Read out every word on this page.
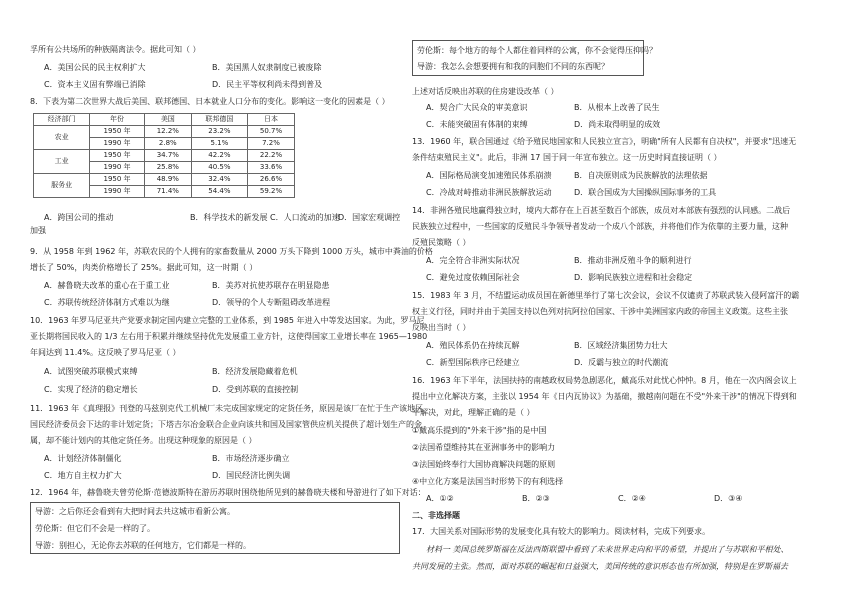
孚所有公共场所的种族隔离法令。据此可知（ ）
A．美国公民的民主权利扩大	B．美国黑人奴隶制度已被废除
C．资本主义固有弊端已消除	D．民主平等权利尚未得到普及
8．下表为第二次世界大战后美国、联邦德国、日本就业人口分布的变化。影响这一变化的因素是（ ）
经济部门	年份	美国	联邦德国	日本
农业	1950 年	12.2%	23.2%	50.7%
	1990 年	2.8%	5.1%	7.2%
工业	1950 年	34.7%	42.2%	22.2%
	1990 年	25.8%	40.5%	33.6%
服务业	1950 年	48.9%	32.4%	26.6%
	1990 年	71.4%	54.4%	59.2%
A．跨国公司的推动	B．科学技术的新发展 C．人口流动的加速
D．国家宏观调控
加强
9．从 1958 年到 1962 年，苏联农民的个人拥有的家畜数量从 2000 万头下降到 1000 万头，城市中粪油的价格
增长了 50%，肉类价格增长了 25%。据此可知，这一时期（ ）
A．赫鲁晓夫改革的重心在于重工业	B．美苏对抗使苏联存在明显隐患
C．苏联传统经济体制方式难以为继	D．领导的个人专断阻碍改革进程
10．1963 年罗马尼亚共产党要求制定国内建立完整的工业体系，到 1985 年进入中等发达国家。为此，罗马尼
亚长期将国民收入的 1/3 左右用于积累并继续坚持优先发展重工业方针，这使得国家工业增长率在 1965—1980
年间达到 11.4%。这反映了罗马尼亚（ ）
A．试图突破苏联模式束缚	B．经济发展隐藏着危机
C．实现了经济的稳定增长	D．受到苏联的直接控制
11．1963 年《真理报》刊登的马兹别克代工机械厂未完成国家规定的定货任务，原因是该厂在忙于生产该地区
国民经济委员会下达的非计划定货；下塔吉尔冶金联合企业向该共和国及国家管供应机关提供了超计划生产的金
属，却不能计划内的其他定货任务。出现这种现象的原因是（ ）
A．计划经济体制僵化	B．市场经济逐步确立
C．地方自主权力扩大	D．国民经济比例失调
12．1964 年，赫鲁晓夫曾劳伦斯·范德波斯特在游历苏联时围绕他所见到的赫鲁晓夫楼和导游进行了如下对话：
导游：之后你还会看到有大把时间去共这城市看新公寓。
劳伦斯：但它们不会是一样的了。
导游：别担心，无论你去苏联的任何地方，它们都是一样的。
劳伦斯：每个地方的每个人都住着同样的公寓，你不会觉得压抑吗？
导游：我怎么会想要拥有和我的同胞们不同的东西呢？
上述对话反映出苏联的住房建设改革（ ）
A．契合广大民众的审美意识	B．从根本上改善了民生
C．未能突破固有体制的束缚	D．尚未取得明显的成效
13．1960 年，联合国通过《给予殖民地国家和人民独立宣言》，明确"所有人民都有自决权"，并要求"迅速无
条件结束殖民主义"。此后，非洲 17 国于同一年宣布独立。这一历史时间直接证明（ ）
A．国际格局演变加速殖民体系崩溃	B．自决原则成为民族解放的法理依据
C．冷战对峙推动非洲民族解放运动	D．联合国成为大国操纵国际事务的工具
14．非洲各殖民地赢得独立时，境内大都存在上百甚至数百个部族，成员对本部族有强烈的认同感。二战后
民族独立过程中，一些国家的反殖民斗争领导者发动一个成八个部族，并将他们作为依靠的主要力量，这种
反殖民策略（ ）
A．完全符合非洲实际状况	B．推动非洲反殖斗争的顺利进行
C．避免过度依赖国际社会	D．影响民族独立进程和社会稳定
15．1983 年 3 月，不结盟运动成员国在新德里举行了第七次会议，会议不仅谴责了苏联武装入侵阿富汗的霸
权主义行径，同时并由于美国支持以色列对抗阿拉伯国家、干涉中美洲国家内政的帝国主义政策。这些主张
反映出当时（ ）
A．殖民体系仍在持续瓦解	B．区域经济集团势力壮大
C．新型国际秩序已经建立	D．反霸与独立的时代潮流
16．1963 年下半年，法国扶持的南越政权局势急剧恶化，戴高乐对此忧心忡忡。8 月，他在一次内阁会议上
提出中立化解决方案，主张以 1954 年《日内瓦协议》为基础，撤越南问题在不受"外来干涉"的情况下得到和
平解决，对此，理解正确的是（ ）
①戴高乐提到的"外来干涉"指的是中国
②法国希望维持其在亚洲事务中的影响力
③法国始终奉行大国协商解决问题的原则
④中立化方案是法国当时形势下的有利选择
A．①②	B．②③	C．②④	D．③④
二、非选择题
17．大国关系对国际形势的发展变化具有较大的影响力。阅读材料，完成下列要求。
材料一 美国总统罗斯福在反法西斯联盟中看到了未来世界走向和平的希望，并提出了与苏联和平相处、
共同发展的主张。然而，面对苏联的崛起和日益强大，美国传统的意识形态也有所加强，特别是在罗斯福去
